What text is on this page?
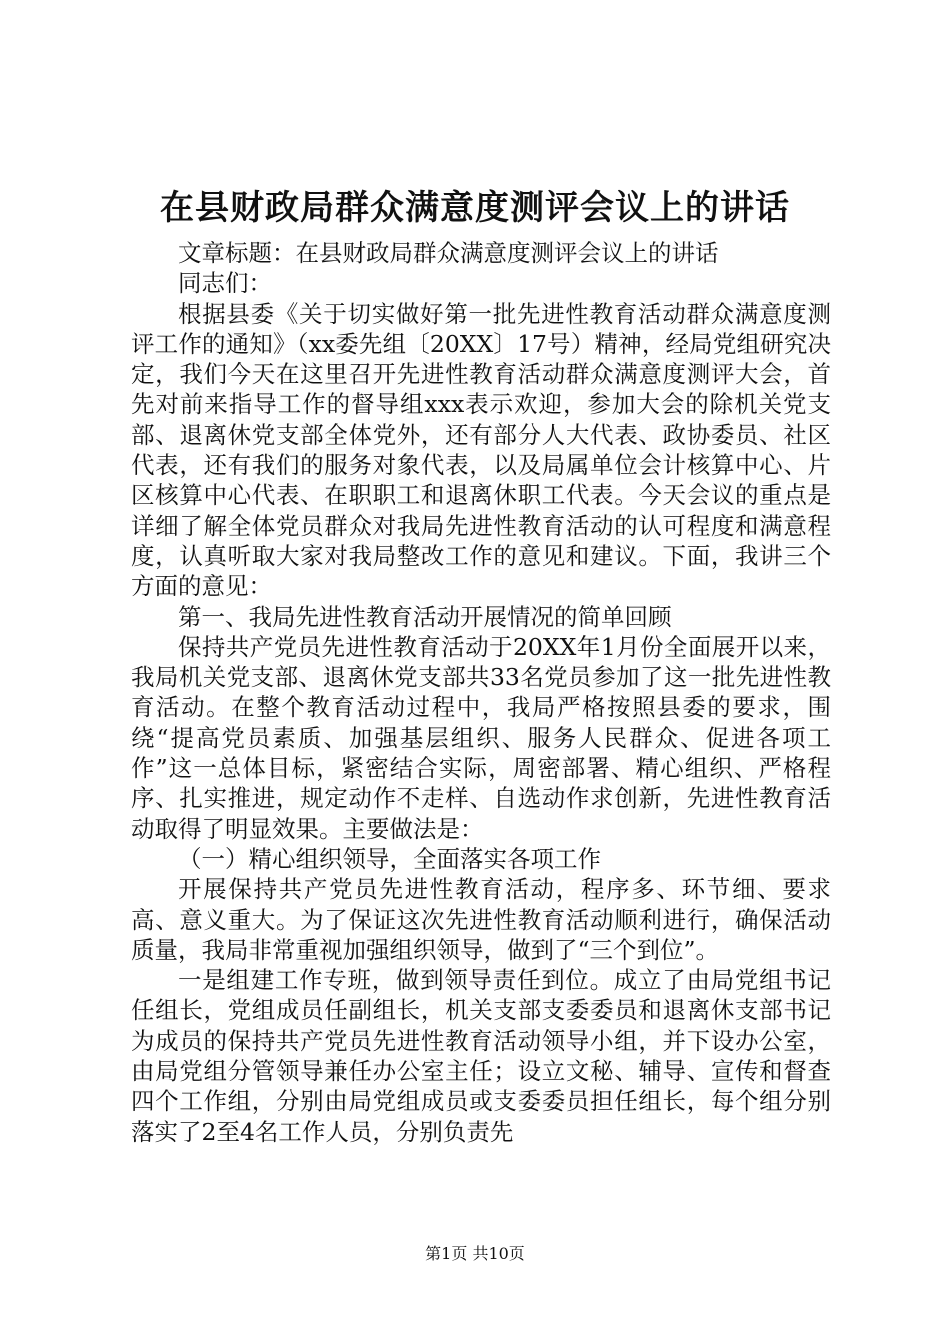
在县财政局群众满意度测评会议上的讲话

文章标题：在县财政局群众满意度测评会议上的讲话

同志们：

根据县委《关于切实做好第一批先进性教育活动群众满意度测评工作的通知》（xx委先组〔20XX〕17号）精神，经局党组研究决定，我们今天在这里召开先进性教育活动群众满意度测评大会，首先对前来指导工作的督导组xxx表示欢迎，参加大会的除机关党支部、退离休党支部全体党外，还有部分人大代表、政协委员、社区代表，还有我们的服务对象代表，以及局属单位会计核算中心、片区核算中心代表、在职职工和退离休职工代表。今天会议的重点是详细了解全体党员群众对我局先进性教育活动的认可程度和满意程度，认真听取大家对我局整改工作的意见和建议。下面，我讲三个方面的意见：

第一、我局先进性教育活动开展情况的简单回顾

保持共产党员先进性教育活动于20XX年1月份全面展开以来，我局机关党支部、退离休党支部共33名党员参加了这一批先进性教育活动。在整个教育活动过程中，我局严格按照县委的要求，围绕“提高党员素质、加强基层组织、服务人民群众、促进各项工作”这一总体目标，紧密结合实际，周密部署、精心组织、严格程序、扎实推进，规定动作不走样、自选动作求创新，先进性教育活动取得了明显效果。主要做法是：

（一）精心组织领导，全面落实各项工作

开展保持共产党员先进性教育活动，程序多、环节细、要求高、意义重大。为了保证这次先进性教育活动顺利进行，确保活动质量，我局非常重视加强组织领导，做到了“三个到位”。

一是组建工作专班，做到领导责任到位。成立了由局党组书记任组长，党组成员任副组长，机关支部支委委员和退离休支部书记为成员的保持共产党员先进性教育活动领导小组，并下设办公室，由局党组分管领导兼任办公室主任；设立文秘、辅导、宣传和督查四个工作组，分别由局党组成员或支委委员担任组长，每个组分别落实了2至4名工作人员，分别负责先

第1页 共10页
